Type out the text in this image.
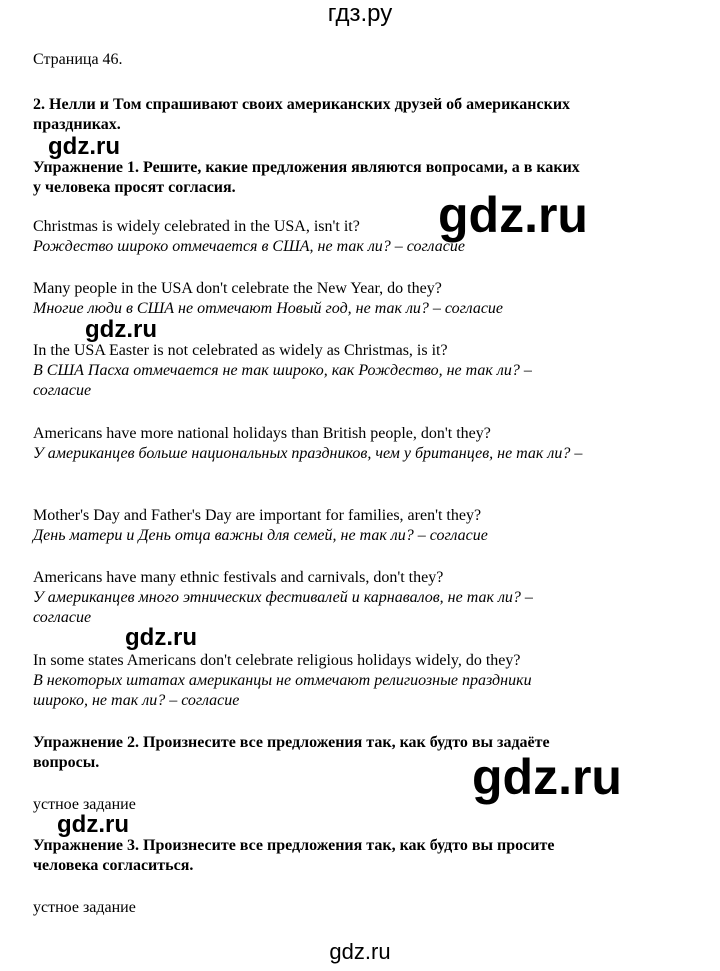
гдз.ру
Страница 46.
2. Нелли и Том спрашивают своих американских друзей об американских
праздниках.
Упражнение 1. Решите, какие предложения являются вопросами, а в каких
у человека просят согласия.
Christmas is widely celebrated in the USA, isn't it?
Рождество широко отмечается в США, не так ли? – согласие
Many people in the USA don't celebrate the New Year, do they?
Многие люди в США не отмечают Новый год, не так ли? – согласие
In the USA Easter is not celebrated as widely as Christmas, is it?
В США Пасха отмечается не так широко, как Рождество, не так ли? –
согласие
Americans have more national holidays than British people, don't they?
У американцев больше национальных праздников, чем у британцев, не так ли? –
Mother's Day and Father's Day are important for families, aren't they?
День матери и День отца важны для семей, не так ли? – согласие
Americans have many ethnic festivals and carnivals, don't they?
У американцев много этнических фестивалей и карнавалов, не так ли? –
согласие
In some states Americans don't celebrate religious holidays widely, do they?
В некоторых штатах американцы не отмечают религиозные праздники
широко, не так ли? – согласие
Упражнение 2. Произнесите все предложения так, как будто вы задаёте
вопросы.
устное задание
Упражнение 3. Произнесите все предложения так, как будто вы просите
человека согласиться.
устное задание
gdz.ru
gdz.ru
gdz.ru
gdz.ru
gdz.ru
gdz.ru
gdz.ru
